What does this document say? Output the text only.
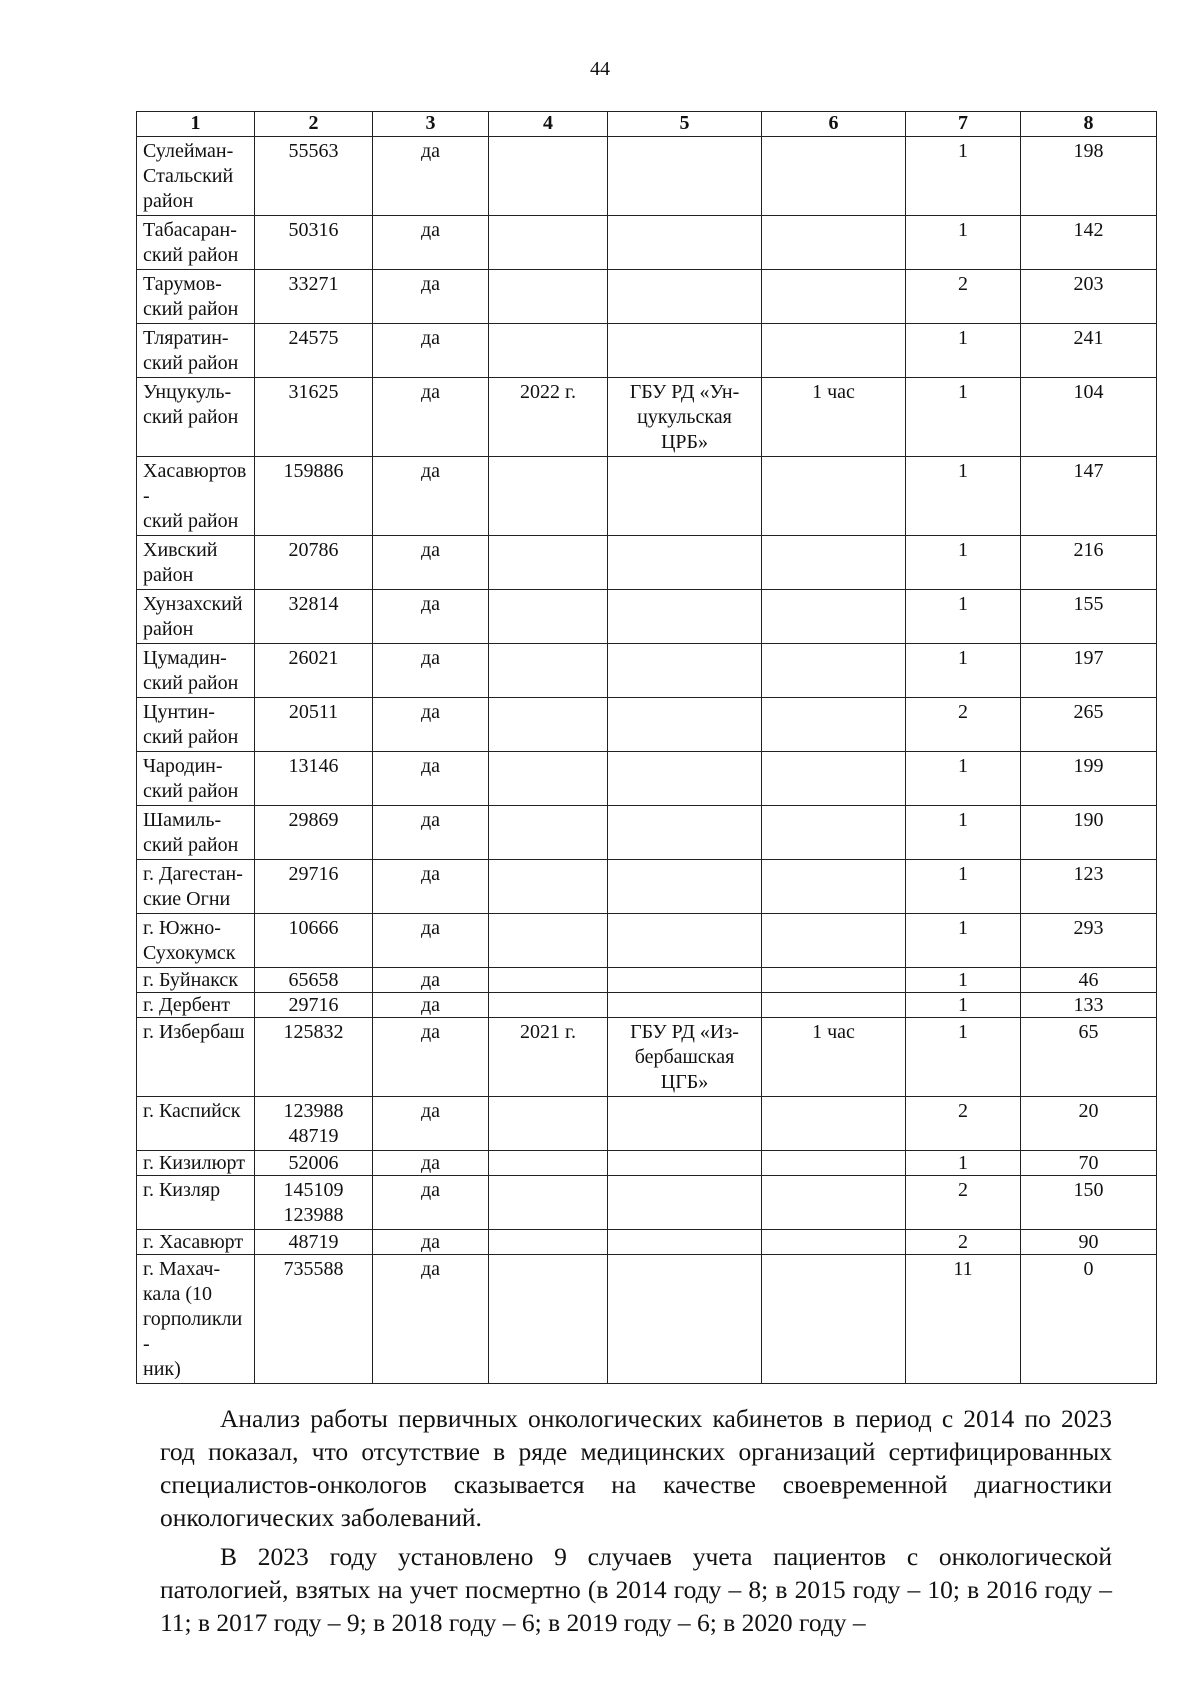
44
1	2	3	4	5	6	7	8
Сулейман-
Стальский
район	55563	да				1	198
Табасаран-
ский район	50316	да				1	142
Тарумов-
ский район	33271	да				2	203
Тляратин-
ский район	24575	да				1	241
Унцукуль-
ский район	31625	да	2022 г.	ГБУ РД «Ун-
цукульская
ЦРБ»	1 час	1	104
Хасавюртов-
ский район	159886	да				1	147
Хивский
район	20786	да				1	216
Хунзахский
район	32814	да				1	155
Цумадин-
ский район	26021	да				1	197
Цунтин-
ский район	20511	да				2	265
Чародин-
ский район	13146	да				1	199
Шамиль-
ский район	29869	да				1	190
г. Дагестан-
ские Огни	29716	да				1	123
г. Южно-
Сухокумск	10666	да				1	293
г. Буйнакск	65658	да				1	46
г. Дербент	29716	да				1	133
г. Избербаш	125832	да	2021 г.	ГБУ РД «Из-
бербашская
ЦГБ»	1 час	1	65
г. Каспийск	123988
48719	да				2	20
г. Кизилюрт	52006	да				1	70
г. Кизляр	145109
123988	да				2	150
г. Хасавюрт	48719	да				2	90
г. Махач-
кала (10
горполикли-
ник)	735588	да				11	0

Анализ работы первичных онкологических кабинетов в период с 2014 по 2023 год показал, что отсутствие в ряде медицинских организаций сертифицированных специалистов-онкологов сказывается на качестве своевременной диагностики онкологических заболеваний.

В 2023 году установлено 9 случаев учета пациентов с онкологической патологией, взятых на учет посмертно (в 2014 году – 8; в 2015 году – 10; в 2016 году – 11; в 2017 году – 9; в 2018 году – 6; в 2019 году – 6; в 2020 году –
